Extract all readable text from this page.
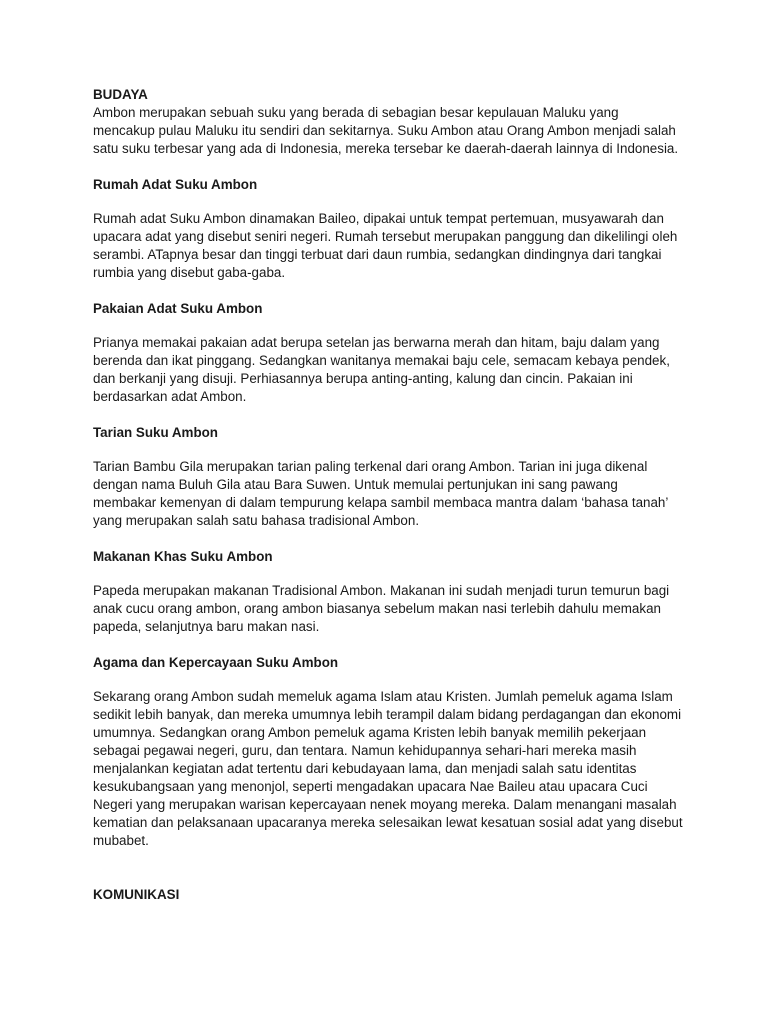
BUDAYA

Ambon merupakan sebuah suku yang berada di sebagian besar kepulauan Maluku yang mencakup pulau Maluku itu sendiri dan sekitarnya. Suku Ambon atau Orang Ambon menjadi salah satu suku terbesar yang ada di Indonesia, mereka tersebar ke daerah-daerah lainnya di Indonesia.

Rumah Adat Suku Ambon

Rumah adat Suku Ambon dinamakan Baileo, dipakai untuk tempat pertemuan, musyawarah dan upacara adat yang disebut seniri negeri. Rumah tersebut merupakan panggung dan dikelilingi oleh serambi. ATapnya besar dan tinggi terbuat dari daun rumbia, sedangkan dindingnya dari tangkai rumbia yang disebut gaba-gaba.

Pakaian Adat Suku Ambon

Prianya memakai pakaian adat berupa setelan jas berwarna merah dan hitam, baju dalam yang berenda dan ikat pinggang. Sedangkan wanitanya memakai baju cele, semacam kebaya pendek, dan berkanji yang disuji. Perhiasannya berupa anting-anting, kalung dan cincin. Pakaian ini berdasarkan adat Ambon.

Tarian Suku Ambon

Tarian Bambu Gila merupakan tarian paling terkenal dari orang Ambon. Tarian ini juga dikenal dengan nama Buluh Gila atau Bara Suwen. Untuk memulai pertunjukan ini sang pawang membakar kemenyan di dalam tempurung kelapa sambil membaca mantra dalam ‘bahasa tanah’ yang merupakan salah satu bahasa tradisional Ambon.

Makanan Khas Suku Ambon

Papeda merupakan makanan Tradisional Ambon. Makanan ini sudah menjadi turun temurun bagi anak cucu orang ambon, orang ambon biasanya sebelum makan nasi terlebih dahulu memakan papeda, selanjutnya baru makan nasi.

Agama dan Kepercayaan Suku Ambon

Sekarang orang Ambon sudah memeluk agama Islam atau Kristen. Jumlah pemeluk agama Islam sedikit lebih banyak, dan mereka umumnya lebih terampil dalam bidang perdagangan dan ekonomi umumnya. Sedangkan orang Ambon pemeluk agama Kristen lebih banyak memilih pekerjaan sebagai pegawai negeri, guru, dan tentara. Namun kehidupannya sehari-hari mereka masih menjalankan kegiatan adat tertentu dari kebudayaan lama, dan menjadi salah satu identitas kesukubangsaan yang menonjol, seperti mengadakan upacara Nae Baileu atau upacara Cuci Negeri yang merupakan warisan kepercayaan nenek moyang mereka. Dalam menangani masalah kematian dan pelaksanaan upacaranya mereka selesaikan lewat kesatuan sosial adat yang disebut mubabet.

KOMUNIKASI
